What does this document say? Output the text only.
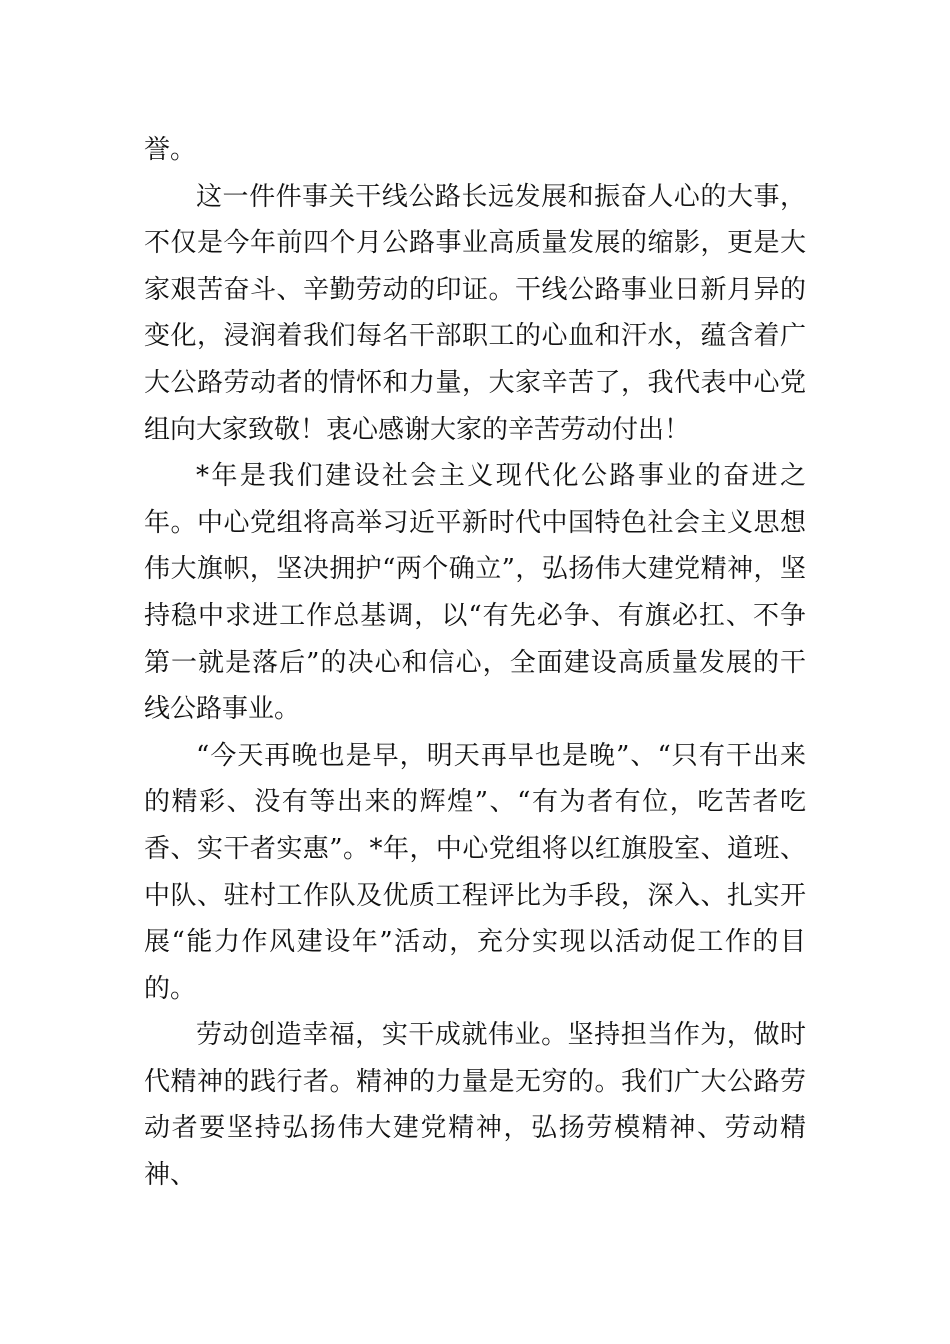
誉。

这一件件事关干线公路长远发展和振奋人心的大事，不仅是今年前四个月公路事业高质量发展的缩影，更是大家艰苦奋斗、辛勤劳动的印证。干线公路事业日新月异的变化，浸润着我们每名干部职工的心血和汗水，蕴含着广大公路劳动者的情怀和力量，大家辛苦了，我代表中心党组向大家致敬！衷心感谢大家的辛苦劳动付出！

*年是我们建设社会主义现代化公路事业的奋进之年。中心党组将高举习近平新时代中国特色社会主义思想伟大旗帜，坚决拥护“两个确立”，弘扬伟大建党精神，坚持稳中求进工作总基调，以“有先必争、有旗必扛、不争第一就是落后”的决心和信心，全面建设高质量发展的干线公路事业。

“今天再晚也是早，明天再早也是晚”、“只有干出来的精彩、没有等出来的辉煌”、“有为者有位，吃苦者吃香、实干者实惠”。*年，中心党组将以红旗股室、道班、中队、驻村工作队及优质工程评比为手段，深入、扎实开展“能力作风建设年”活动，充分实现以活动促工作的目的。

劳动创造幸福，实干成就伟业。坚持担当作为，做时代精神的践行者。精神的力量是无穷的。我们广大公路劳动者要坚持弘扬伟大建党精神，弘扬劳模精神、劳动精神、
